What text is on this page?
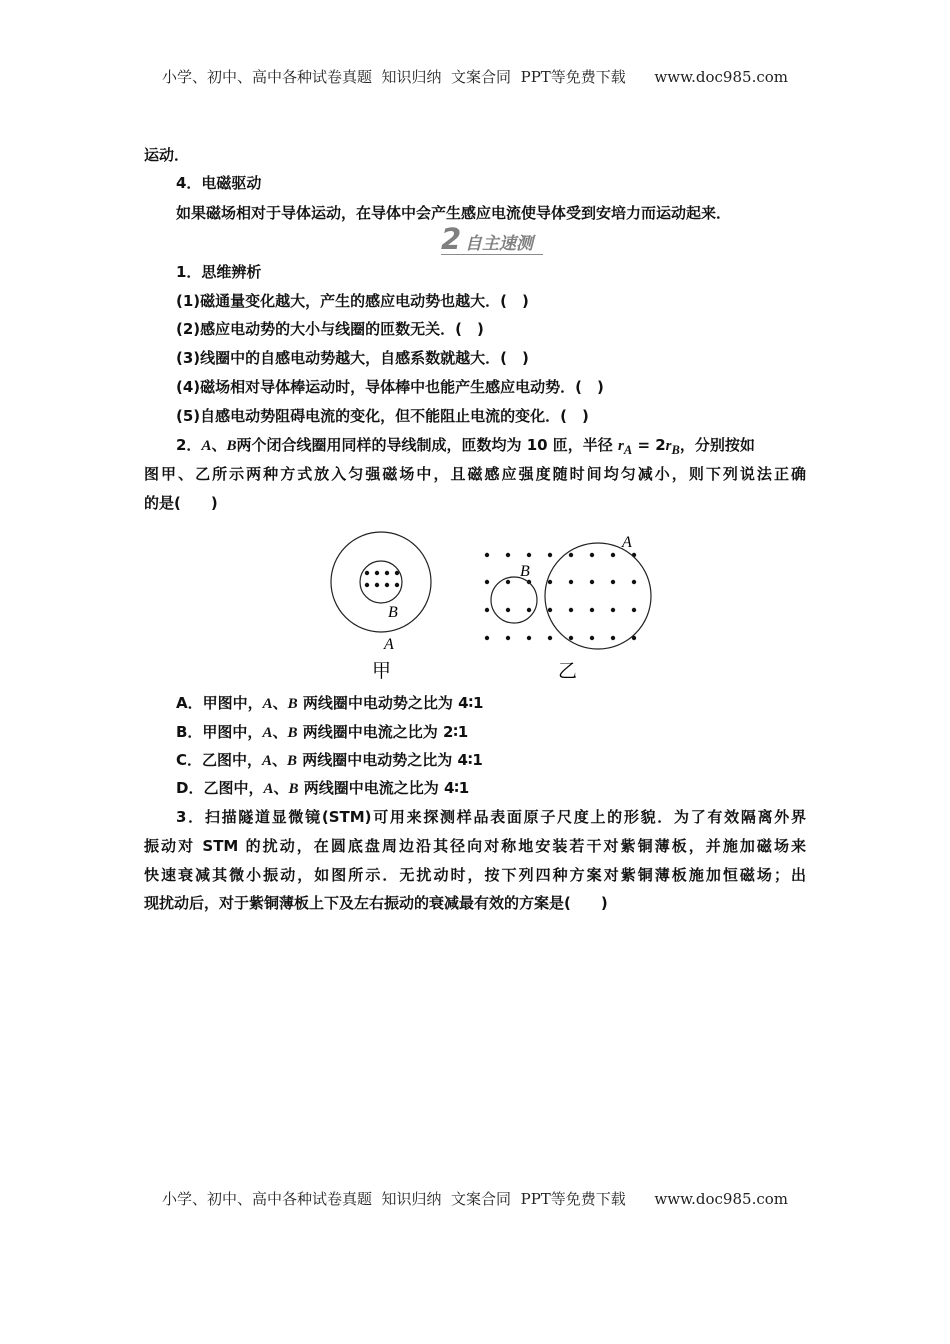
小学、初中、高中各种试卷真题  知识归纳  文案合同  PPT等免费下载      www.doc985.com
运动．
4．电磁驱动
如果磁场相对于导体运动，在导体中会产生感应电流使导体受到安培力而运动起来．
2 自主速测
1．思维辨析
(1)磁通量变化越大，产生的感应电动势也越大．(　)
(2)感应电动势的大小与线圈的匝数无关．(　)
(3)线圈中的自感电动势越大，自感系数就越大．(　)
(4)磁场相对导体棒运动时，导体棒中也能产生感应电动势．(　)
(5)自感电动势阻碍电流的变化，但不能阻止电流的变化．(　)
2．A、B两个闭合线圈用同样的导线制成，匝数均为 10 匝，半径 $r_A = 2r_B$，分别按如
图甲、乙所示两种方式放入匀强磁场中，且磁感应强度随时间均匀减小，则下列说法正确
的是(　　)
B
A
甲
B
A
乙
A．甲图中，A、B 两线圈中电动势之比为 4∶1
B．甲图中，A、B 两线圈中电流之比为 2∶1
C．乙图中，A、B 两线圈中电动势之比为 4∶1
D．乙图中，A、B 两线圈中电流之比为 4∶1
3．扫描隧道显微镜(STM)可用来探测样品表面原子尺度上的形貌．为了有效隔离外界
振动对 STM 的扰动，在圆底盘周边沿其径向对称地安装若干对紫铜薄板，并施加磁场来
快速衰减其微小振动，如图所示．无扰动时，按下列四种方案对紫铜薄板施加恒磁场；出
现扰动后，对于紫铜薄板上下及左右振动的衰减最有效的方案是(　　)
小学、初中、高中各种试卷真题  知识归纳  文案合同  PPT等免费下载      www.doc985.com
